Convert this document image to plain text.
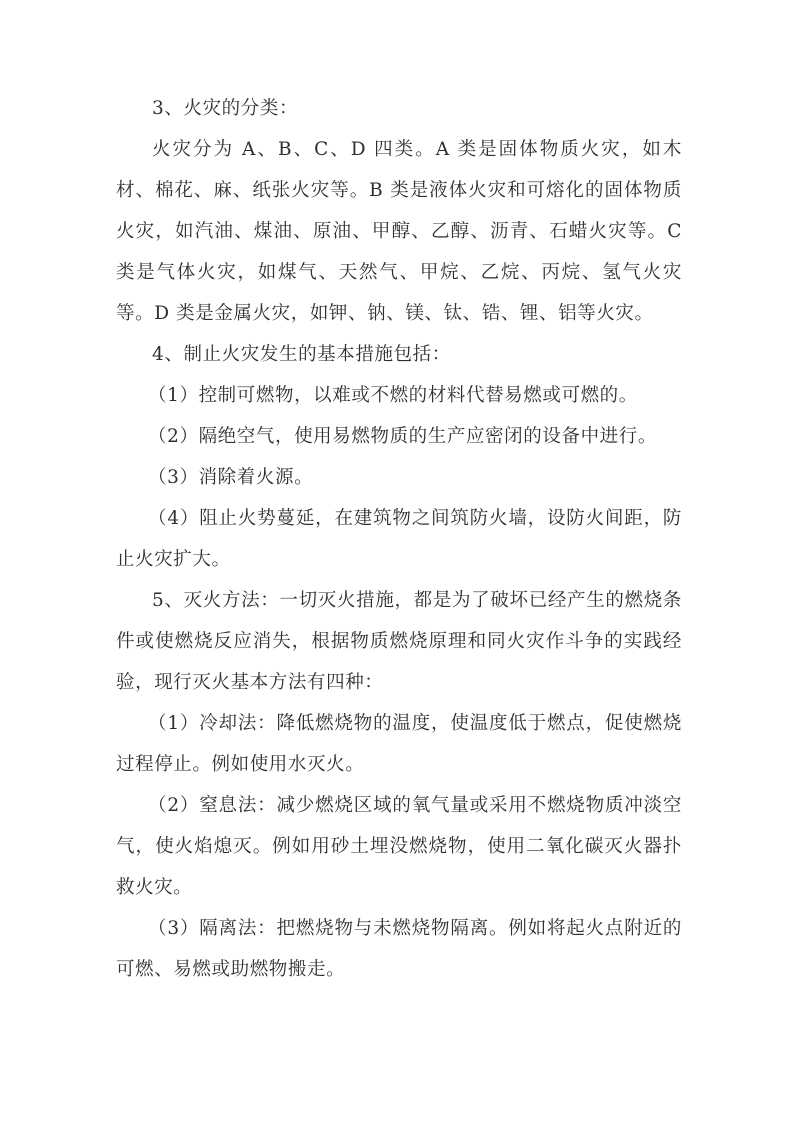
3、火灾的分类：

火灾分为 A、B、C、D 四类。A 类是固体物质火灾，如木材、棉花、麻、纸张火灾等。B 类是液体火灾和可熔化的固体物质火灾，如汽油、煤油、原油、甲醇、乙醇、沥青、石蜡火灾等。C 类是气体火灾，如煤气、天然气、甲烷、乙烷、丙烷、氢气火灾等。D 类是金属火灾，如钾、钠、镁、钛、锆、锂、铝等火灾。

4、制止火灾发生的基本措施包括：

（1）控制可燃物，以难或不燃的材料代替易燃或可燃的。

（2）隔绝空气，使用易燃物质的生产应密闭的设备中进行。

（3）消除着火源。

（4）阻止火势蔓延，在建筑物之间筑防火墙，设防火间距，防止火灾扩大。

5、灭火方法：一切灭火措施，都是为了破坏已经产生的燃烧条件或使燃烧反应消失，根据物质燃烧原理和同火灾作斗争的实践经验，现行灭火基本方法有四种：

（1）冷却法：降低燃烧物的温度，使温度低于燃点，促使燃烧过程停止。例如使用水灭火。

（2）窒息法：减少燃烧区域的氧气量或采用不燃烧物质冲淡空气，使火焰熄灭。例如用砂土埋没燃烧物，使用二氧化碳灭火器扑救火灾。

（3）隔离法：把燃烧物与未燃烧物隔离。例如将起火点附近的可燃、易燃或助燃物搬走。
